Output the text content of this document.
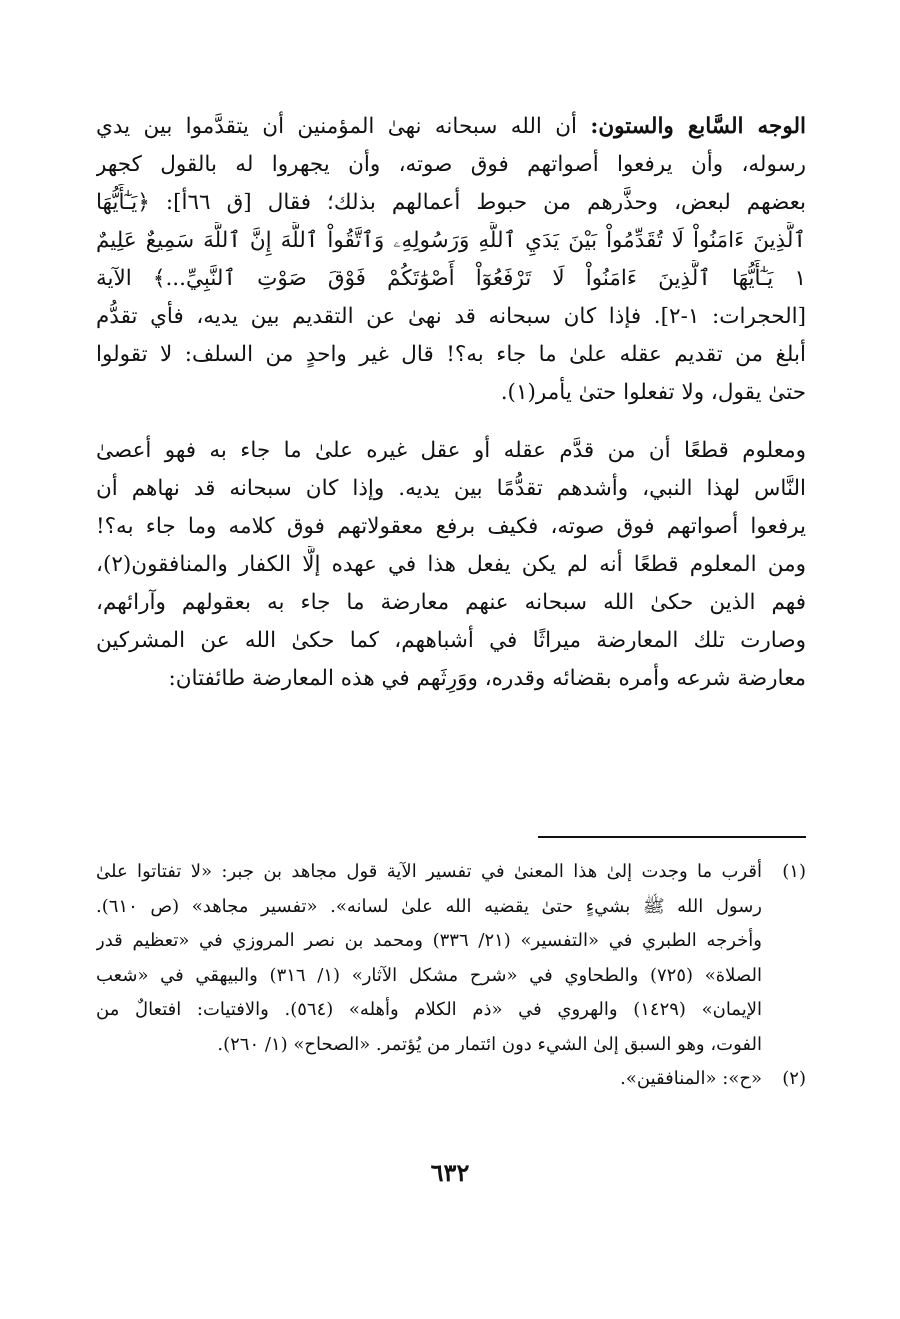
الوجه السَّابع والستون: أن الله سبحانه نهىٰ المؤمنين أن يتقدَّموا بين يدي
رسوله، وأن يرفعوا أصواتهم فوق صوته، وأن يجهروا له بالقول كجهر
بعضهم لبعض، وحذَّرهم من حبوط أعمالهم بذلك؛ فقال [ق ٦٦أ]: ﴿يَـٰٓأَيُّهَا
ٱلَّذِينَ ءَامَنُواْ لَا تُقَدِّمُواْ بَيْنَ يَدَيِ ٱللَّهِ وَرَسُولِهِۦ وَٱتَّقُواْ ٱللَّهَ إِنَّ ٱللَّهَ سَمِيعٌ عَلِيمٌ
١ يَـٰٓأَيُّهَا ٱلَّذِينَ ءَامَنُواْ لَا تَرْفَعُوٓاْ أَصْوَٰتَكُمْ فَوْقَ صَوْتِ ٱلنَّبِيِّ...﴾ الآية
[الحجرات: ١-٢]. فإذا كان سبحانه قد نهىٰ عن التقديم بين يديه، فأي تقدُّم
أبلغ من تقديم عقله علىٰ ما جاء به؟! قال غير واحدٍ من السلف: لا تقولوا
حتىٰ يقول، ولا تفعلوا حتىٰ يأمر(١).
ومعلوم قطعًا أن من قدَّم عقله أو عقل غيره علىٰ ما جاء به فهو أعصىٰ
النَّاس لهذا النبي، وأشدهم تقدُّمًا بين يديه. وإذا كان سبحانه قد نهاهم أن
يرفعوا أصواتهم فوق صوته، فكيف برفع معقولاتهم فوق كلامه وما جاء به؟!
ومن المعلوم قطعًا أنه لم يكن يفعل هذا في عهده إلَّا الكفار والمنافقون(٢)،
فهم الذين حكىٰ الله سبحانه عنهم معارضة ما جاء به بعقولهم وآرائهم،
وصارت تلك المعارضة ميراثًا في أشباههم، كما حكىٰ الله عن المشركين
معارضة شرعه وأمره بقضائه وقدره، ووَرِثَهم في هذه المعارضة طائفتان:
(١)أقرب ما وجدت إلىٰ هذا المعنىٰ في تفسير الآية قول مجاهد بن جبر: «لا تفتاتوا علىٰ
رسول الله ﷺ بشيءٍ حتىٰ يقضيه الله علىٰ لسانه». «تفسير مجاهد» (ص ٦١٠).
وأخرجه الطبري في «التفسير» (٢١/ ٣٣٦) ومحمد بن نصر المروزي في «تعظيم قدر
الصلاة» (٧٢٥) والطحاوي في «شرح مشكل الآثار» (١/ ٣١٦) والبيهقي في «شعب
الإيمان» (١٤٢٩) والهروي في «ذم الكلام وأهله» (٥٦٤). والافتيات: افتعالٌ من
الفوت، وهو السبق إلىٰ الشيء دون ائتمار من يُؤتمر. «الصحاح» (١/ ٢٦٠).
(٢)«ح»: «المنافقين».
٦٣٢
